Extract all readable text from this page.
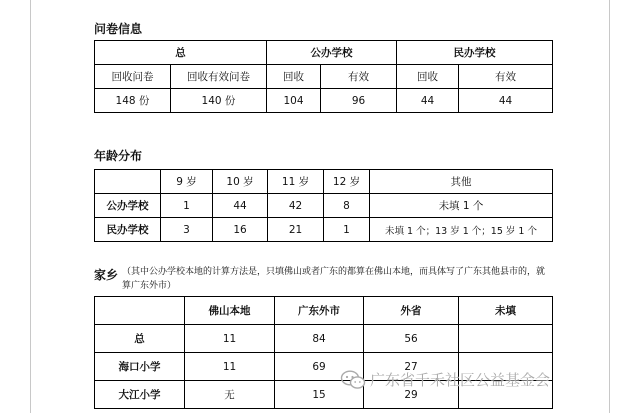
问卷信息
总		公办学校		民办学校	
回收问卷	回收有效问卷	回收	有效	回收	有效
148 份	140 份	104	96	44	44
年龄分布
	9 岁	10 岁	11 岁	12 岁	其他
公办学校	1	44	42	8	未填 1 个
民办学校	3	16	21	1	未填 1 个；13 岁 1 个；15 岁 1 个
家乡 （其中公办学校本地的计算方法是，只填佛山或者广东的都算在佛山本地，而具体写了广东其他县市的，就算广东外市）
	佛山本地	广东外市	外省	未填
总	11	84	56	
海口小学	11	69	27	
大江小学	无	15	29	
广东省千禾社区公益基金会
